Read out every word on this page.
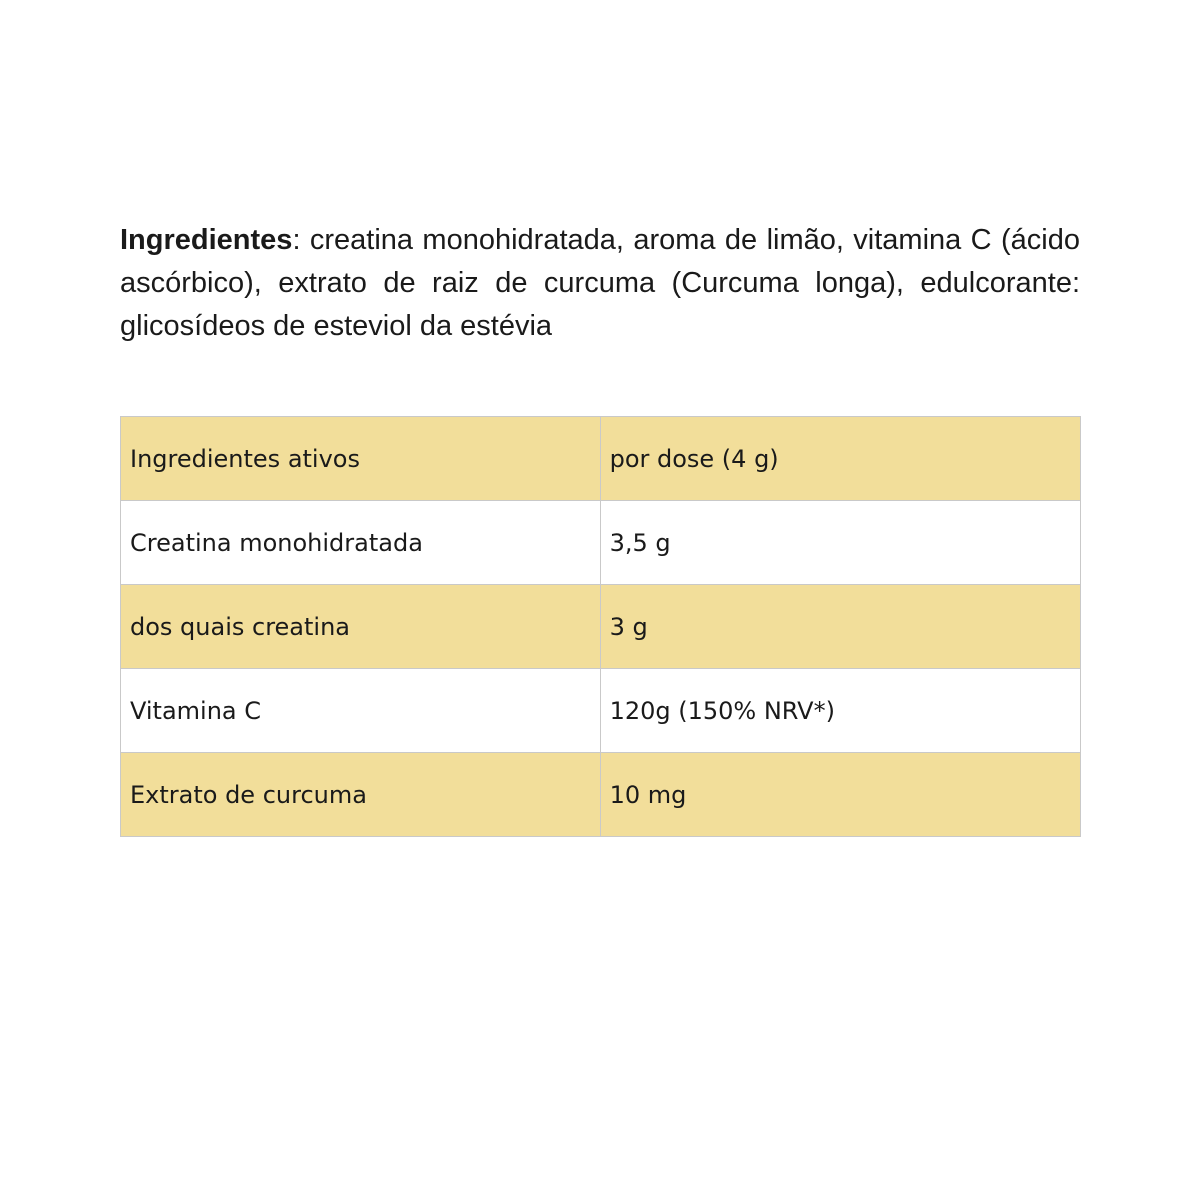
Ingredientes: creatina monohidratada, aroma de limão, vitamina C (ácido ascórbico), extrato de raiz de curcuma (Curcuma longa), edulcorante: glicosídeos de esteviol da estévia

Ingredientes ativos	por dose (4 g)
Creatina monohidratada	3,5 g
dos quais creatina	3 g
Vitamina C	120g (150% NRV*)
Extrato de curcuma	10 mg
